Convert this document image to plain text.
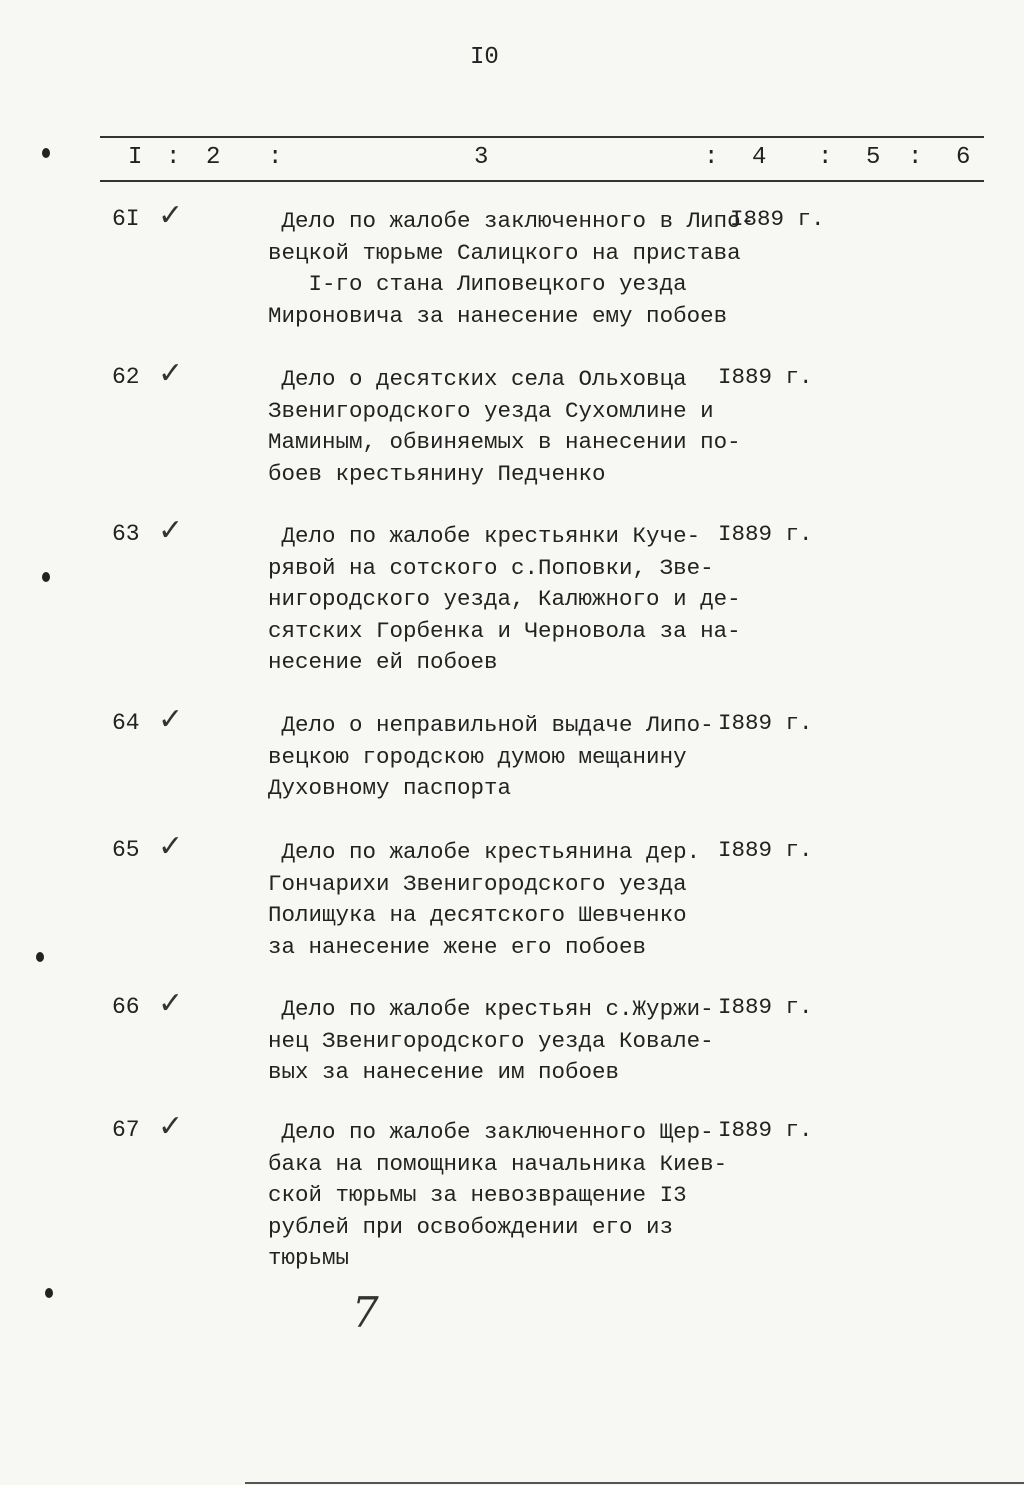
I0
I : 2 :	3	: 4 : 5 : 6
6I ✓	Дело по жалобе заключенного в Липо-
вецкой тюрьме Салицкого на пристава
I-го стана Липовецкого уезда
Мироновича за нанесение ему побоев
I889 г.
62 ✓	Дело о десятских села Ольховца
Звенигородского уезда Сухомлине и
Маминым, обвиняемых в нанесении по-
боев крестьянину Педченко
I889 г.
63 ✓	Дело по жалобе крестьянки Куче-
рявой на сотского с.Поповки, Зве-
нигородского уезда, Калюжного и де-
сятских Горбенка и Черновола за на-
несение ей побоев
I889 г.
64 ✓	Дело о неправильной выдаче Липо-
вецкою городскою думою мещанину
Духовному паспорта
I889 г.
65 ✓	Дело по жалобе крестьянина дер.
Гончарихи Звенигородского уезда
Полищука на десятского Шевченко
за нанесение жене его побоев
I889 г.
66 ✓	Дело по жалобе крестьян с.Журжи-
нец Звенигородского уезда Ковале-
вых за нанесение им побоев
I889 г.
67 ✓	Дело по жалобе заключенного Щер-
бака на помощника начальника Киев-
ской тюрьмы за невозвращение I3
рублей при освобождении его из
тюрьмы
I889 г.
7
